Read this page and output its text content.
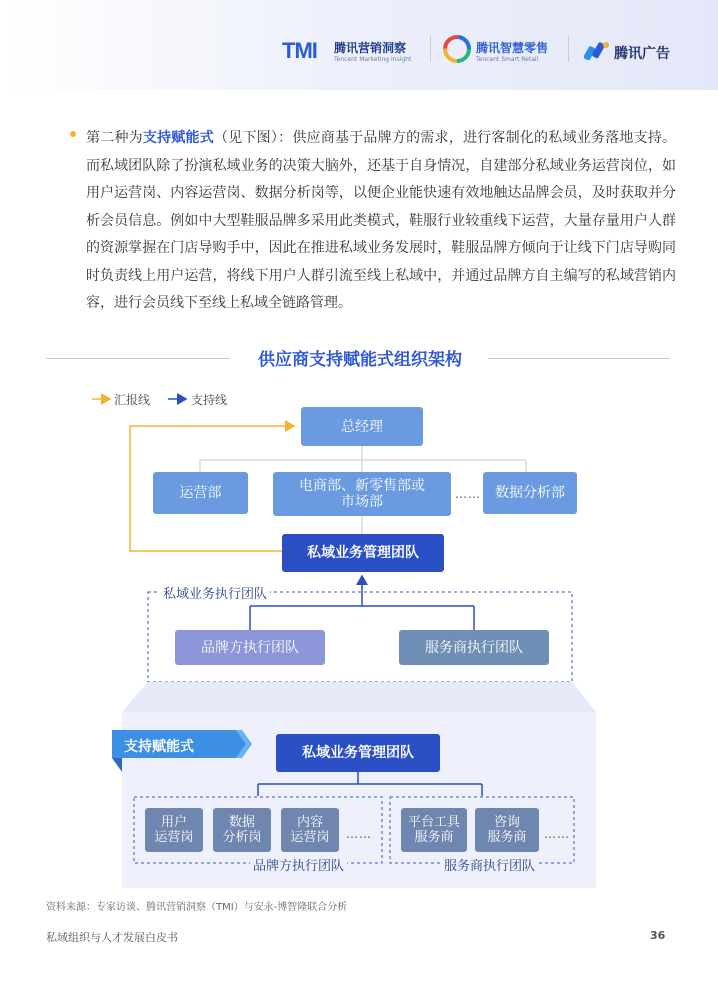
TMI 腾讯营销洞察
Tencent Marketing Insight
腾讯智慧零售
Tencent Smart Retail	腾讯广告
第二种为支持赋能式（见下图）：供应商基于品牌方的需求，进行客制化的私域业务落地支持。而私域团队除了扮演私域业务的决策大脑外，还基于自身情况，自建部分私域业务运营岗位，如用户运营岗、内容运营岗、数据分析岗等，以便企业能快速有效地触达品牌会员，及时获取并分析会员信息。例如中大型鞋服品牌多采用此类模式，鞋服行业较重线下运营，大量存量用户人群的资源掌握在门店导购手中，因此在推进私域业务发展时，鞋服品牌方倾向于让线下门店导购同时负责线上用户运营，将线下用户人群引流至线上私域中，并通过品牌方自主编写的私域营销内容，进行会员线下至线上私域全链路管理。
供应商支持赋能式组织架构
汇报线	支持线
总经理
运营部	电商部、新零售部或
市场部	……	数据分析部
私域业务管理团队
私域业务执行团队
品牌方执行团队	服务商执行团队
支持赋能式	私域业务管理团队
用户
运营岗
数据
分析岗
内容
运营岗 ……
平台工具
服务商
咨询
服务商 ……
品牌方执行团队	服务商执行团队
资料来源：专家访谈、腾讯营销洞察（TMI）与安永-博智隆联合分析
私域组织与人才发展白皮书	36
